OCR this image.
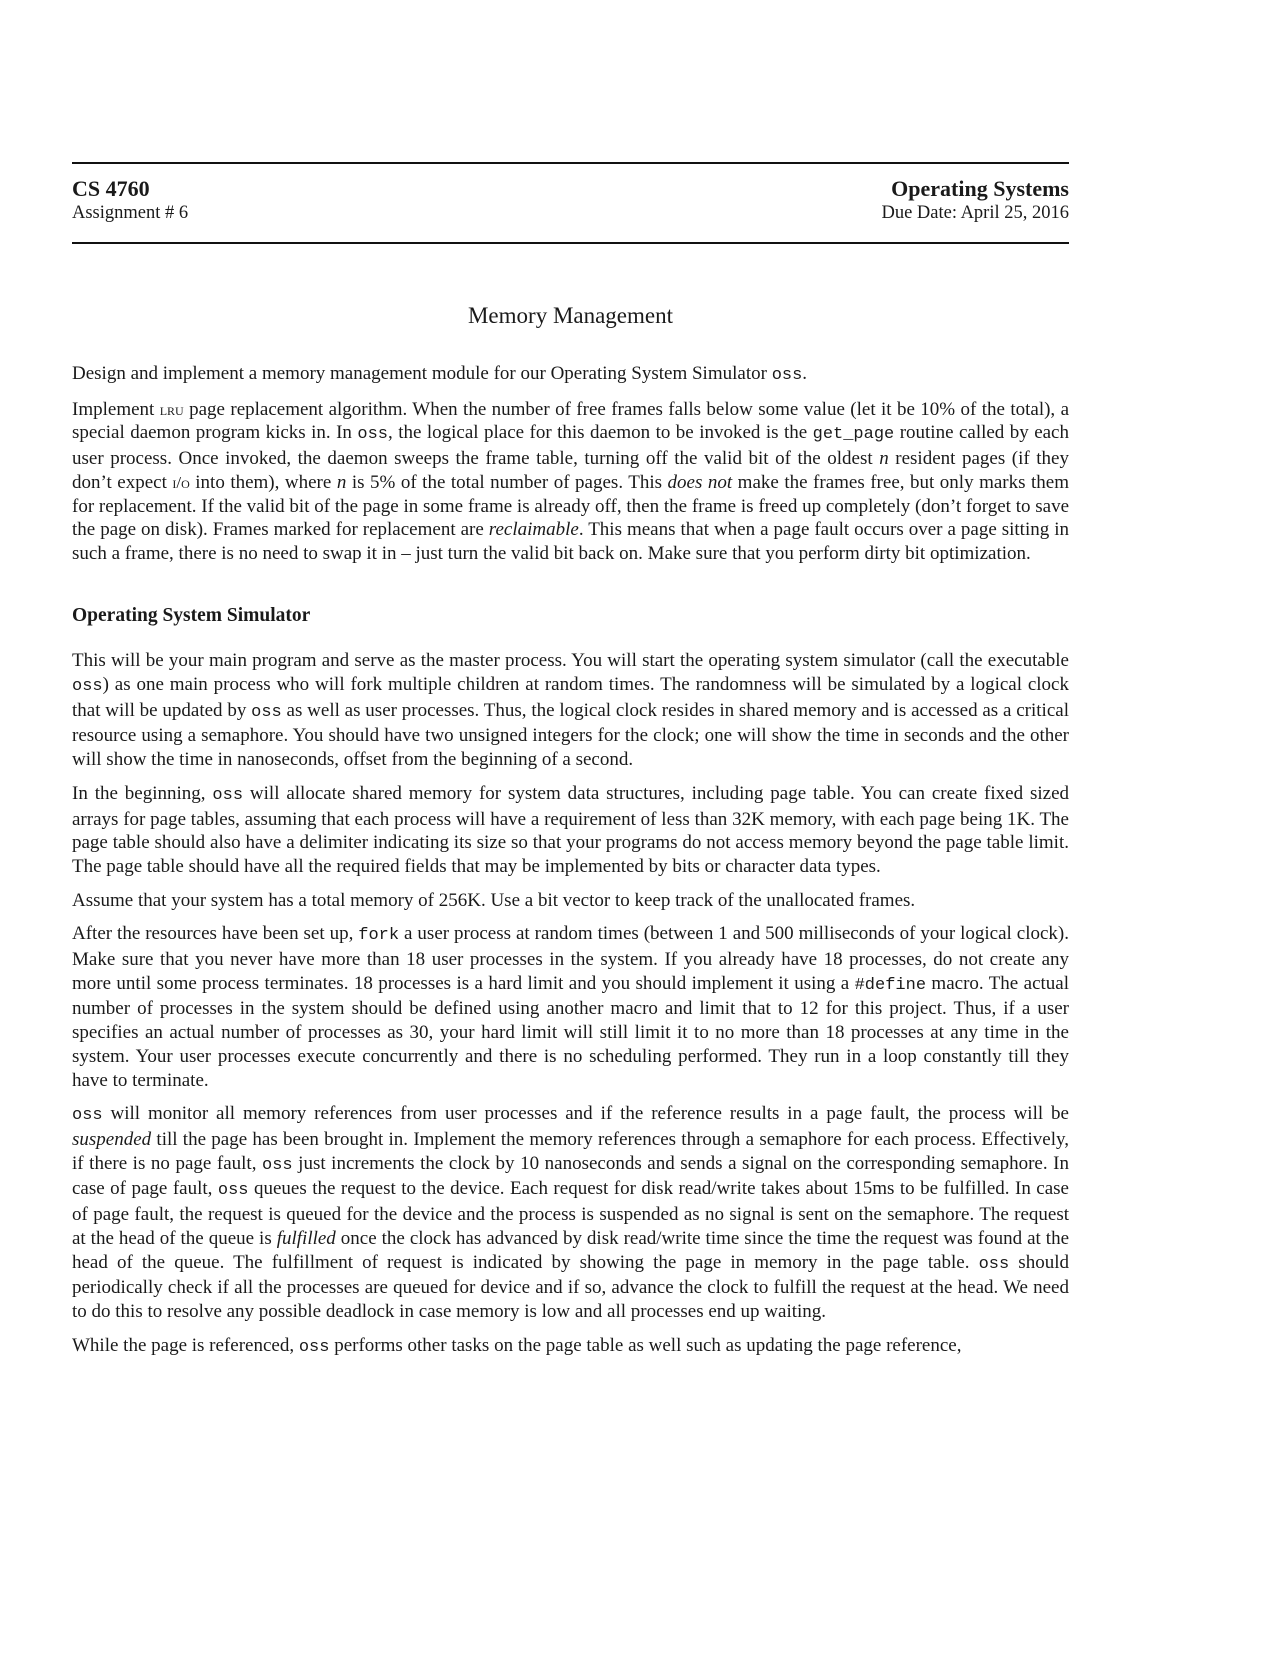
CS 4760
Assignment # 6
Operating Systems
Due Date: April 25, 2016
Memory Management

Design and implement a memory management module for our Operating System Simulator oss.

Implement lru page replacement algorithm. When the number of free frames falls below some value (let it be 10% of the total), a special daemon program kicks in. In oss, the logical place for this daemon to be invoked is the get_page routine called by each user process. Once invoked, the daemon sweeps the frame table, turning off the valid bit of the oldest n resident pages (if they don’t expect i/o into them), where n is 5% of the total number of pages. This does not make the frames free, but only marks them for replacement. If the valid bit of the page in some frame is already off, then the frame is freed up completely (don’t forget to save the page on disk). Frames marked for replacement are reclaimable. This means that when a page fault occurs over a page sitting in such a frame, there is no need to swap it in – just turn the valid bit back on. Make sure that you perform dirty bit optimization.

Operating System Simulator

This will be your main program and serve as the master process. You will start the operating system simulator (call the executable oss) as one main process who will fork multiple children at random times. The randomness will be simulated by a logical clock that will be updated by oss as well as user processes. Thus, the logical clock resides in shared memory and is accessed as a critical resource using a semaphore. You should have two unsigned integers for the clock; one will show the time in seconds and the other will show the time in nanoseconds, offset from the beginning of a second.

In the beginning, oss will allocate shared memory for system data structures, including page table. You can create fixed sized arrays for page tables, assuming that each process will have a requirement of less than 32K memory, with each page being 1K. The page table should also have a delimiter indicating its size so that your programs do not access memory beyond the page table limit. The page table should have all the required fields that may be implemented by bits or character data types.

Assume that your system has a total memory of 256K. Use a bit vector to keep track of the unallocated frames.

After the resources have been set up, fork a user process at random times (between 1 and 500 milliseconds of your logical clock). Make sure that you never have more than 18 user processes in the system. If you already have 18 processes, do not create any more until some process terminates. 18 processes is a hard limit and you should implement it using a #define macro. The actual number of processes in the system should be defined using another macro and limit that to 12 for this project. Thus, if a user specifies an actual number of processes as 30, your hard limit will still limit it to no more than 18 processes at any time in the system. Your user processes execute concurrently and there is no scheduling performed. They run in a loop constantly till they have to terminate.

oss will monitor all memory references from user processes and if the reference results in a page fault, the process will be suspended till the page has been brought in. Implement the memory references through a semaphore for each process. Effectively, if there is no page fault, oss just increments the clock by 10 nanoseconds and sends a signal on the corresponding semaphore. In case of page fault, oss queues the request to the device. Each request for disk read/write takes about 15ms to be fulfilled. In case of page fault, the request is queued for the device and the process is suspended as no signal is sent on the semaphore. The request at the head of the queue is fulfilled once the clock has advanced by disk read/write time since the time the request was found at the head of the queue. The fulfillment of request is indicated by showing the page in memory in the page table. oss should periodically check if all the processes are queued for device and if so, advance the clock to fulfill the request at the head. We need to do this to resolve any possible deadlock in case memory is low and all processes end up waiting.

While the page is referenced, oss performs other tasks on the page table as well such as updating the page reference,
